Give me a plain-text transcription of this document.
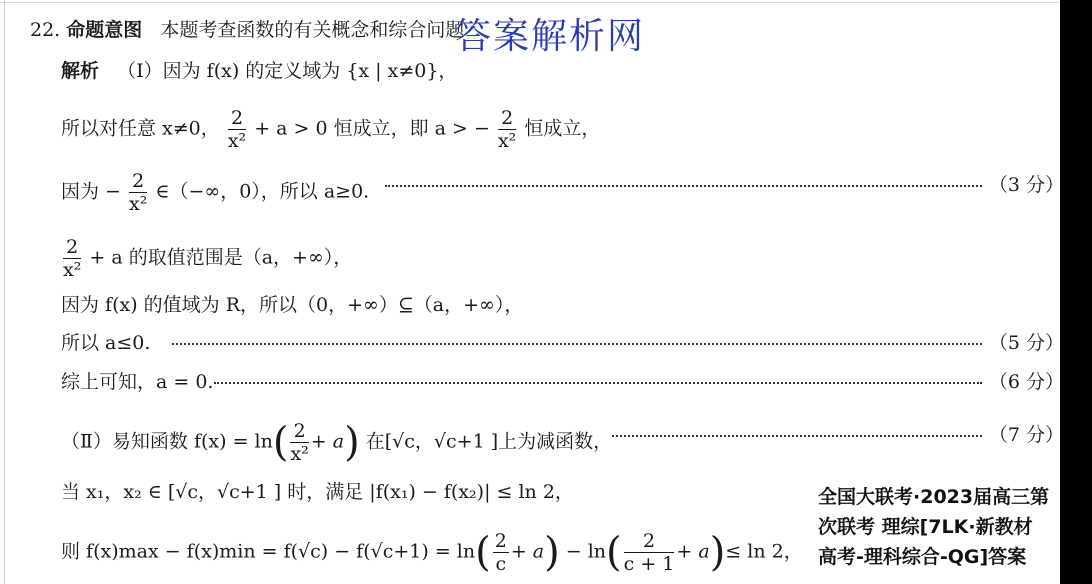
22. 命题意图 本题考查函数的有关概念和综合问题
答案解析网
解析 （Ⅰ）因为 f(x) 的定义域为 {x | x≠0}，
所以对任意 x≠0， $\frac{2}{\text{x²}} + a > 0$ 恒成立，即 a > − $\frac{2}{\text{x²}}$ 恒成立，
因为 − $\frac{2}{\text{x²}}$ ∈（−∞，0），所以 a≥0.	（3 分）
$\frac{2}{\text{x²}} + a$ 的取值范围是（a，+∞），
因为 f(x) 的值域为 R，所以（0，+∞）⊆（a，+∞），
所以 a≤0.	（5 分）
综上可知，a = 0.	（6 分）
（Ⅱ）易知函数 $f(x) = \ln( \frac{2}{\text{x²}} + a)$ 在[√c，√c+1 ]上为减函数，	（7 分）
当 x₁，x₂ ∈ [√c，√c+1 ] 时，满足 |f(x₁) − f(x₂)| ≤ ln 2，
则 $f(x)\max - f(x)\min = f(√c) - f(√c+1) = \ln( \frac{2}{c} + a) - \ln( \frac{2}{c + 1} + a)\le \ln 2$，
全国大联考·2023届高三第
次联考 理综[7LK·新教材
高考-理科综合-QG]答案
